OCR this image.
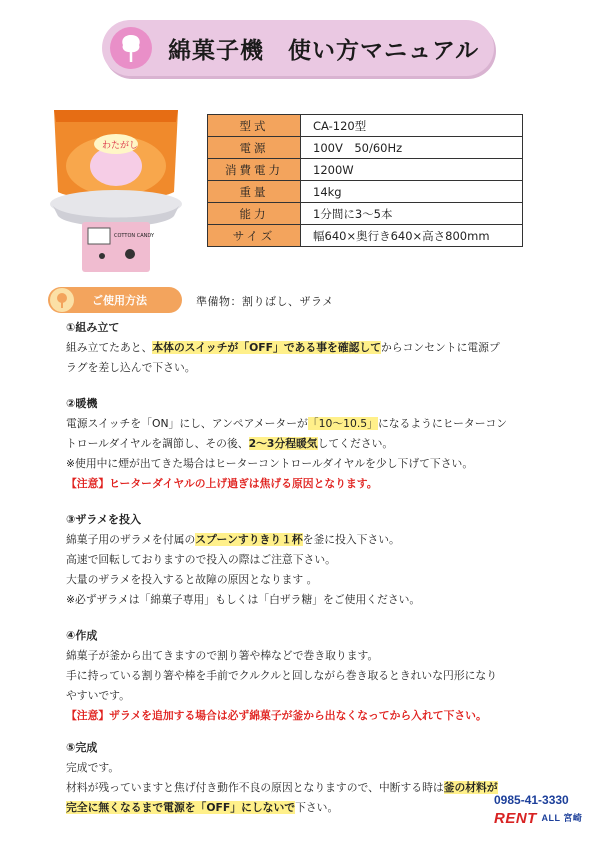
綿菓子機　使い方マニュアル
わたがし
COTTON CANDY
型式	CA-120型
電源	100V　50/60Hz
消費電力	1200W
重量	14kg
能力	1分間に3～5本
サイズ	幅640×奥行き640×高さ800mm
ご使用方法	準備物：割りばし、ザラメ

①組み立て

組み立てたあと、本体のスイッチが「OFF」である事を確認してからコンセントに電源プ

ラグを差し込んで下さい。

②暖機

電源スイッチを「ON」にし、アンペアメーターが「10～10.5」になるようにヒーターコン

トロールダイヤルを調節し、その後、2～3分程暖気してください。

※使用中に煙が出てきた場合はヒーターコントロールダイヤルを少し下げて下さい。

【注意】ヒーターダイヤルの上げ過ぎは焦げる原因となります。

③ザラメを投入

綿菓子用のザラメを付属のスプーンすりきり１杯を釜に投入下さい。

高速で回転しておりますので投入の際はご注意下さい。

大量のザラメを投入すると故障の原因となります 。

※必ずザラメは「綿菓子専用」もしくは「白ザラ糖」をご使用ください。

④作成

綿菓子が釜から出てきますので割り箸や棒などで巻き取ります。

手に持っている割り箸や棒を手前でクルクルと回しながら巻き取るときれいな円形になり

やすいです。

【注意】ザラメを追加する場合は必ず綿菓子が釜から出なくなってから入れて下さい。

⑤完成

完成です。

材料が残っていますと焦げ付き動作不良の原因となりますので、中断する時は釜の材料が

完全に無くなるまで電源を「OFF」にしないで下さい。

0985-41-3330
RENT ALL 宮崎
